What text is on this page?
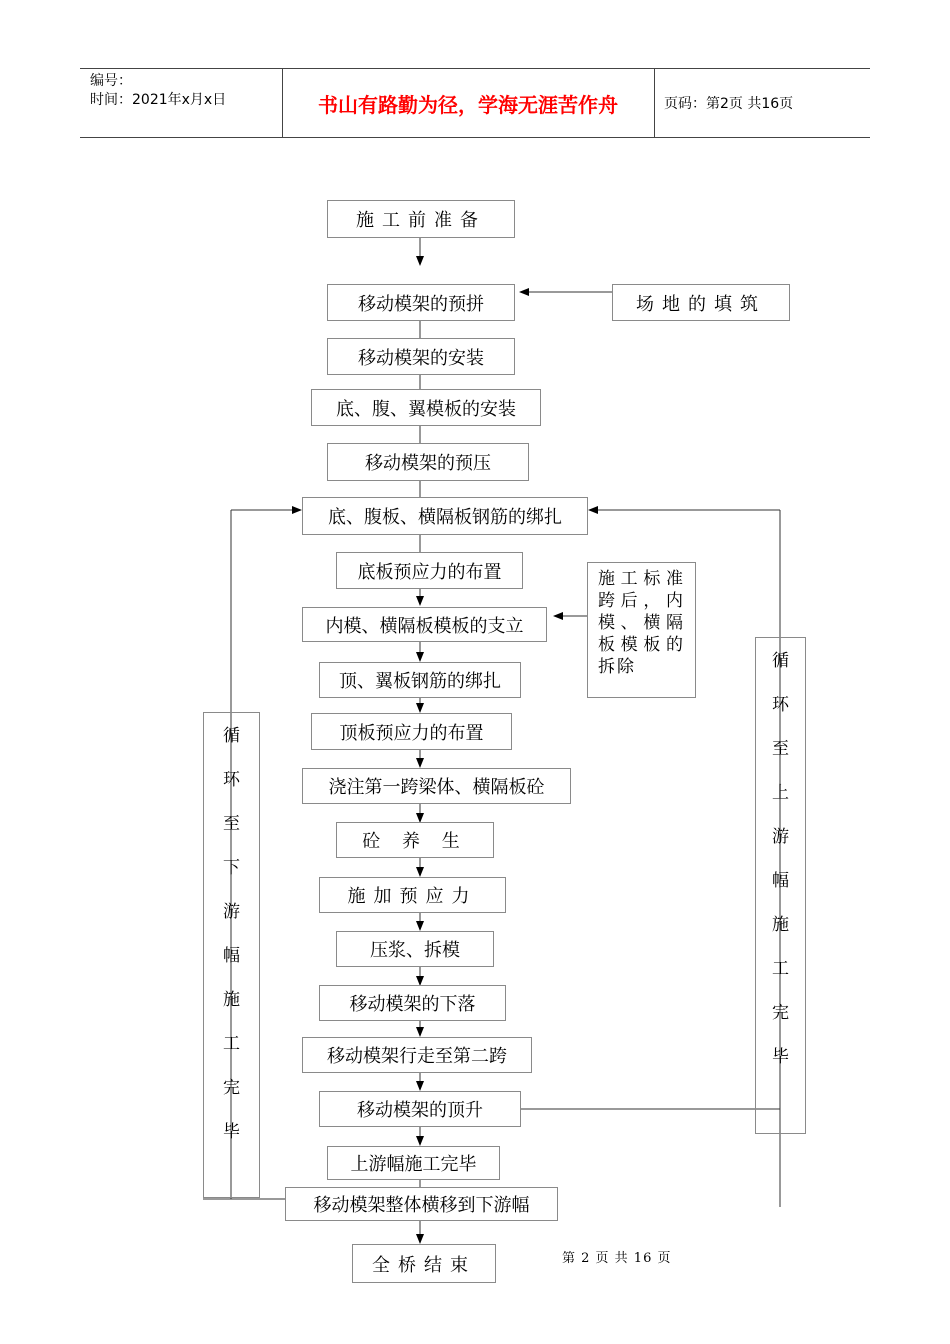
编号：
时间：2021年x月x日	书山有路勤为径，学海无涯苦作舟	页码：第2页 共16页
施工前准备
移动模架的预拼
移动模架的安装
底、腹、翼模板的安装
移动模架的预压
底、腹板、横隔板钢筋的绑扎
底板预应力的布置
内模、横隔板模板的支立
顶、翼板钢筋的绑扎
顶板预应力的布置
浇注第一跨梁体、横隔板砼
砼 养 生
施加预应力
压浆、拆模
移动模架的下落
移动模架行走至第二跨
移动模架的顶升
上游幅施工完毕
移动模架整体横移到下游幅
全桥结束
场地的填筑
施工标准跨后，内模、横隔板模板的拆除
循
环
至
下
游
幅
施
工
完
毕
循
环
至
上
游
幅
施
工
完
毕
第 2 页 共 16 页
